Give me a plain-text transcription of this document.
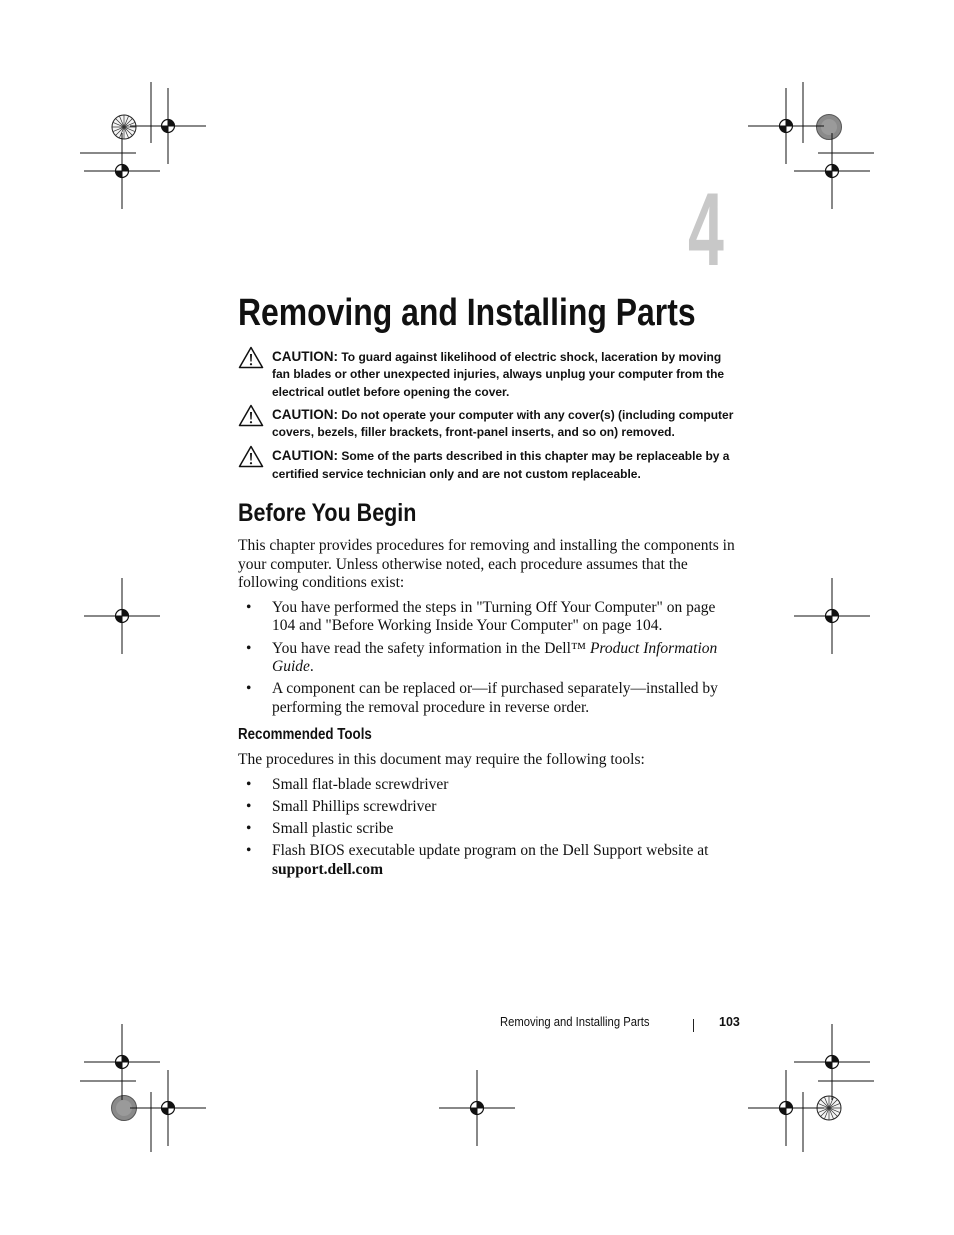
4
Removing and Installing Parts
CAUTION: To guard against likelihood of electric shock, laceration by moving fan blades or other unexpected injuries, always unplug your computer from the electrical outlet before opening the cover.
CAUTION: Do not operate your computer with any cover(s) (including computer covers, bezels, filler brackets, front-panel inserts, and so on) removed.
CAUTION: Some of the parts described in this chapter may be replaceable by a certified service technician only and are not custom replaceable.
Before You Begin

This chapter provides procedures for removing and installing the components in your computer. Unless otherwise noted, each procedure assumes that the following conditions exist:

• You have performed the steps in "Turning Off Your Computer" on page 104 and "Before Working Inside Your Computer" on page 104.
• You have read the safety information in the Dell™ Product Information Guide.
• A component can be replaced or—if purchased separately—installed by performing the removal procedure in reverse order.
Recommended Tools

The procedures in this document may require the following tools:

• Small flat-blade screwdriver
• Small Phillips screwdriver
• Small plastic scribe
• Flash BIOS executable update program on the Dell Support website at support.dell.com
Removing and Installing Parts	103
